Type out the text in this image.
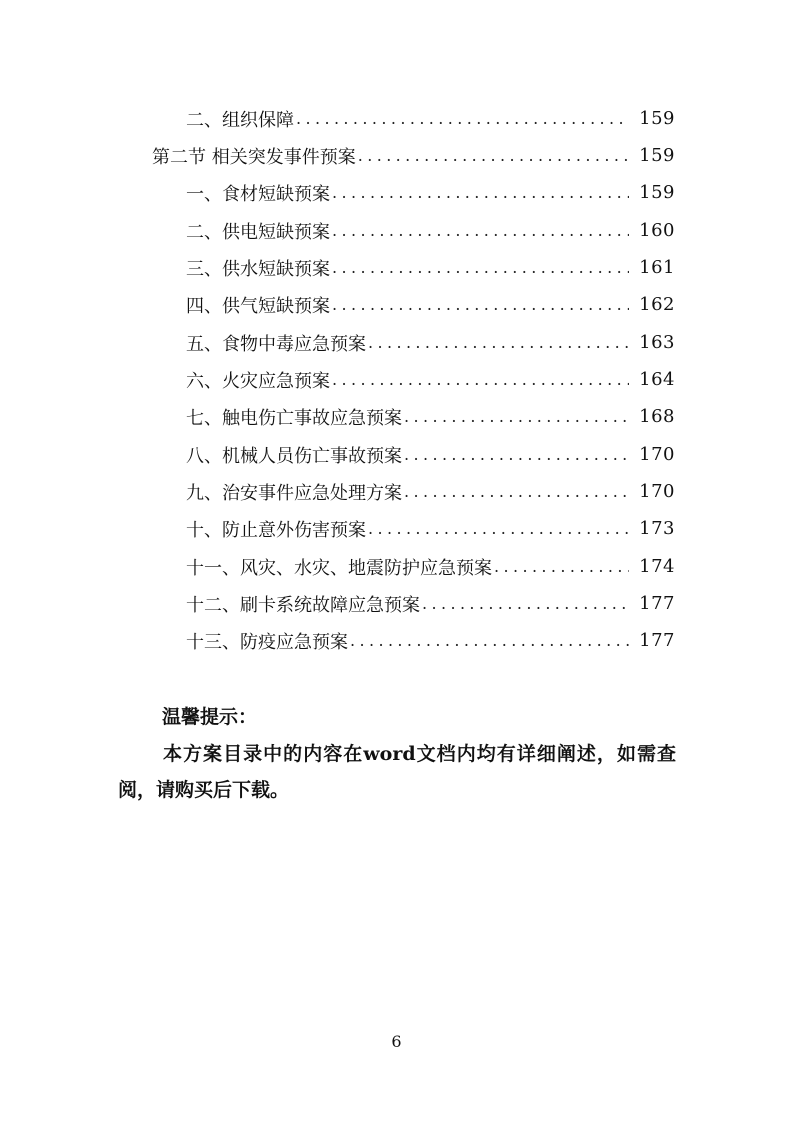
二、组织保障 .....	159
第二节 相关突发事件预案 .....	159
一、食材短缺预案 .....	159
二、供电短缺预案 .....	160
三、供水短缺预案 .....	161
四、供气短缺预案 .....	162
五、食物中毒应急预案 .....	163
六、火灾应急预案 .....	164
七、触电伤亡事故应急预案 .....	168
八、机械人员伤亡事故预案 .....	170
九、治安事件应急处理方案 .....	170
十、防止意外伤害预案 .....	173
十一、风灾、水灾、地震防护应急预案 .....	174
十二、刷卡系统故障应急预案 .....	177
十三、防疫应急预案 .....	177
温馨提示：
本方案目录中的内容在word文档内均有详细阐述，如需查阅，请购买后下载。
6
